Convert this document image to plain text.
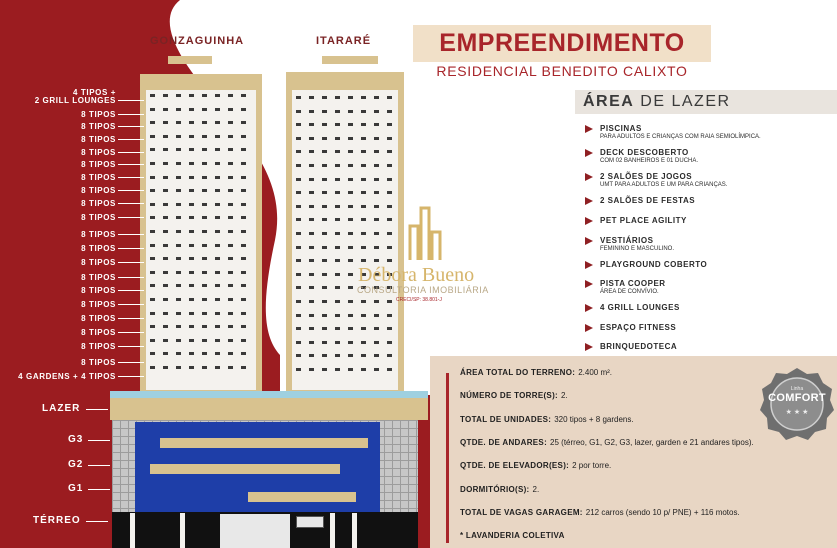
GONZAGUINHA	ITARARÉ
4 TIPOS +
2 GRILL LOUNGES
8 TIPOS
8 TIPOS
8 TIPOS
8 TIPOS
8 TIPOS
8 TIPOS
8 TIPOS
8 TIPOS
8 TIPOS
8 TIPOS
8 TIPOS
8 TIPOS
8 TIPOS
8 TIPOS
8 TIPOS
8 TIPOS
8 TIPOS
8 TIPOS
8 TIPOS
4 GARDENS + 4 TIPOS
LAZER
G3
G2
G1
TÉRREO
Débora Bueno
CONSULTORIA IMOBILIÁRIA
CRECI/SP: 38.801-J
EMPREENDIMENTO
RESIDENCIAL BENEDITO CALIXTO
ÁREA DE LAZER
PISCINAS
PARA ADULTOS E CRIANÇAS COM RAIA SEMIOLÍMPICA.
DECK DESCOBERTO
COM 02 BANHEIROS E 01 DUCHA.
2 SALÕES DE JOGOS
UMT PARA ADULTOS E UM PARA CRIANÇAS.
2 SALÕES DE FESTAS
PET PLACE AGILITY
VESTIÁRIOS
FEMININO E MASCULINO.
PLAYGROUND COBERTO
PISTA COOPER
ÁREA DE CONVÍVIO.
4 GRILL LOUNGES
ESPAÇO FITNESS
BRINQUEDOTECA
ÁREA TOTAL DO TERRENO: 2.400 m².
NÚMERO DE TORRE(S): 2.
TOTAL DE UNIDADES: 320 tipos + 8 gardens.
QTDE. DE ANDARES: 25 (térreo, G1, G2, G3, lazer, garden e 21 andares tipos).
QTDE. DE ELEVADOR(ES): 2 por torre.
DORMITÓRIO(S): 2.
TOTAL DE VAGAS GARAGEM: 212 carros (sendo 10 p/ PNE) + 116 motos.
* LAVANDERIA COLETIVA
★ ★ ★
Linha
COMFORT
